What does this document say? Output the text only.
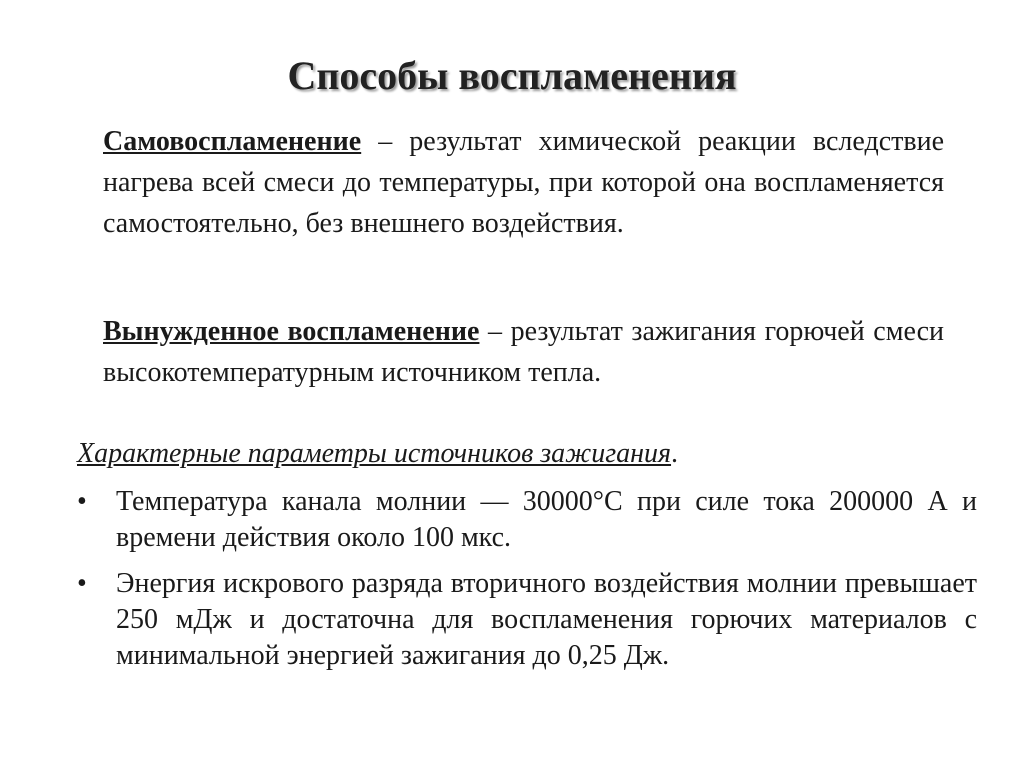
Способы воспламенения
Самовоспламенение – результат химической реакции вследствие нагрева всей смеси до температуры, при которой она воспламеняется самостоятельно, без внешнего воздействия.
Вынужденное воспламенение – результат зажигания горючей смеси высокотемпературным источником тепла.
Характерные параметры источников зажигания.
• Температура канала молнии — 30000°С при силе тока 200000 А и времени действия около 100 мкс.
• Энергия искрового разряда вторичного воздействия молнии превышает 250 мДж и достаточна для воспламенения горючих материалов с минимальной энергией зажигания до 0,25 Дж.
